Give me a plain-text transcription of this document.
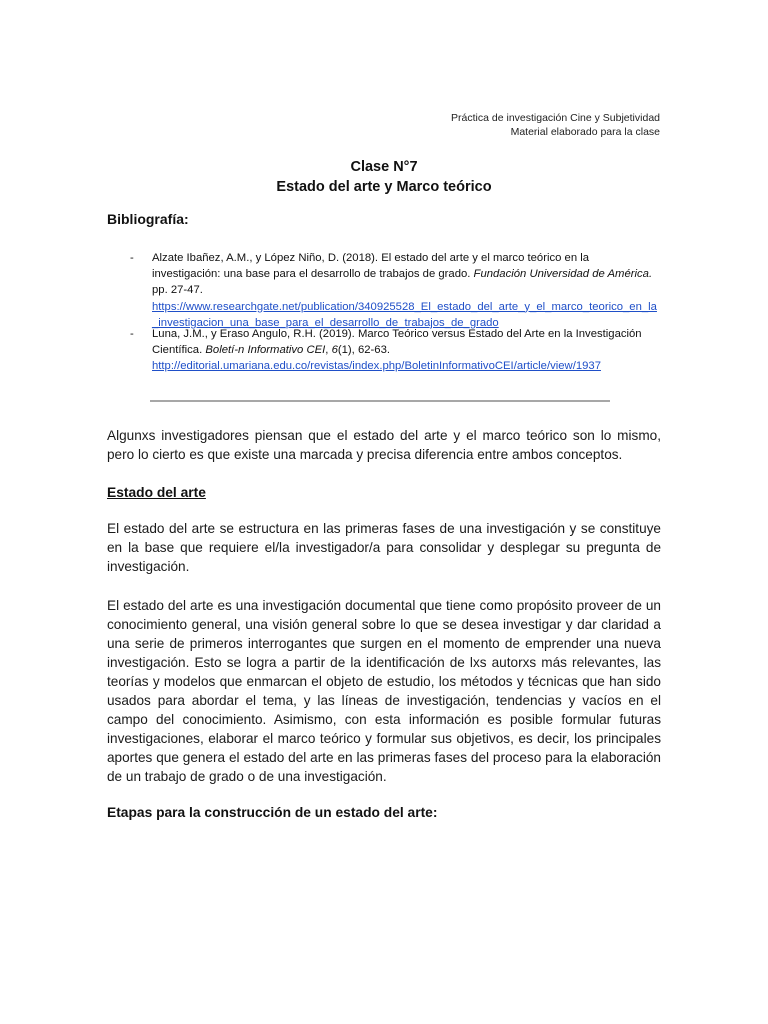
Práctica de investigación Cine y Subjetividad
Material elaborado para la clase
Clase N°7
Estado del arte y Marco teórico
Bibliografía:
- Alzate Ibañez, A.M., y López Niño, D. (2018). El estado del arte y el marco teórico en la investigación: una base para el desarrollo de trabajos de grado. Fundación Universidad de América. pp. 27-47.
https://www.researchgate.net/publication/340925528_El_estado_del_arte_y_el_marco_teorico_en_la_investigacion_una_base_para_el_desarrollo_de_trabajos_de_grado
- Luna, J.M., y Eraso Angulo, R.H. (2019). Marco Teórico versus Estado del Arte en la Investigación Científica. Boletí-n Informativo CEI, 6(1), 62-63.
http://editorial.umariana.edu.co/revistas/index.php/BoletinInformativoCEI/article/view/1937
Algunxs investigadores piensan que el estado del arte y el marco teórico son lo mismo, pero lo cierto es que existe una marcada y precisa diferencia entre ambos conceptos.
Estado del arte
El estado del arte se estructura en las primeras fases de una investigación y se constituye en la base que requiere el/la investigador/a para consolidar y desplegar su pregunta de investigación.
El estado del arte es una investigación documental que tiene como propósito proveer de un conocimiento general, una visión general sobre lo que se desea investigar y dar claridad a una serie de primeros interrogantes que surgen en el momento de emprender una nueva investigación. Esto se logra a partir de la identificación de lxs autorxs más relevantes, las teorías y modelos que enmarcan el objeto de estudio, los métodos y técnicas que han sido usados para abordar el tema, y las líneas de investigación, tendencias y vacíos en el campo del conocimiento. Asimismo, con esta información es posible formular futuras investigaciones, elaborar el marco teórico y formular sus objetivos, es decir, los principales aportes que genera el estado del arte en las primeras fases del proceso para la elaboración de un trabajo de grado o de una investigación.
Etapas para la construcción de un estado del arte:
